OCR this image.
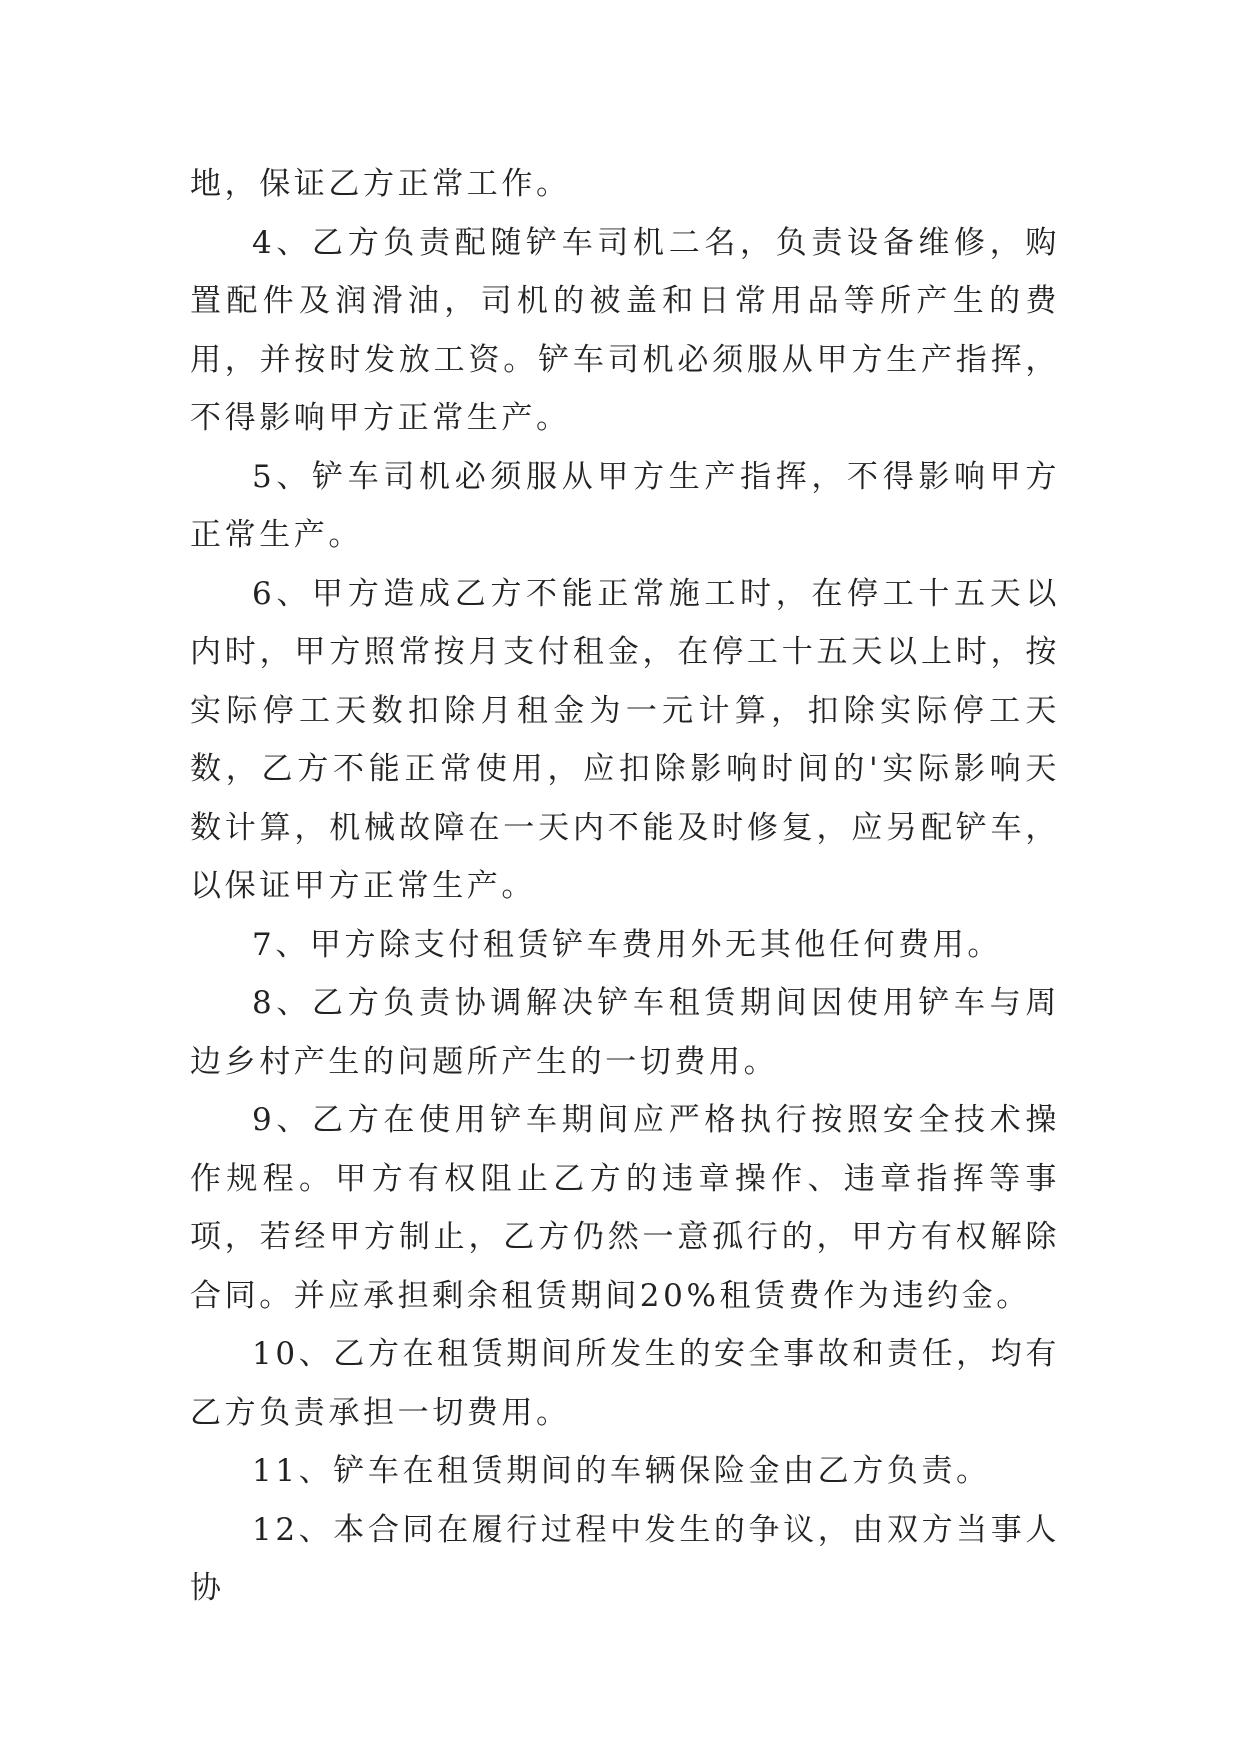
地，保证乙方正常工作。

4、乙方负责配随铲车司机二名，负责设备维修，购置配件及润滑油，司机的被盖和日常用品等所产生的费用，并按时发放工资。铲车司机必须服从甲方生产指挥，不得影响甲方正常生产。

5、铲车司机必须服从甲方生产指挥，不得影响甲方正常生产。

6、甲方造成乙方不能正常施工时，在停工十五天以内时，甲方照常按月支付租金，在停工十五天以上时，按实际停工天数扣除月租金为一元计算，扣除实际停工天数，乙方不能正常使用，应扣除影响时间的'实际影响天数计算，机械故障在一天内不能及时修复，应另配铲车，以保证甲方正常生产。

7、甲方除支付租赁铲车费用外无其他任何费用。

8、乙方负责协调解决铲车租赁期间因使用铲车与周边乡村产生的问题所产生的一切费用。

9、乙方在使用铲车期间应严格执行按照安全技术操作规程。甲方有权阻止乙方的违章操作、违章指挥等事项，若经甲方制止，乙方仍然一意孤行的，甲方有权解除合同。并应承担剩余租赁期间20%租赁费作为违约金。

10、乙方在租赁期间所发生的安全事故和责任，均有乙方负责承担一切费用。

11、铲车在租赁期间的车辆保险金由乙方负责。

12、本合同在履行过程中发生的争议，由双方当事人协
